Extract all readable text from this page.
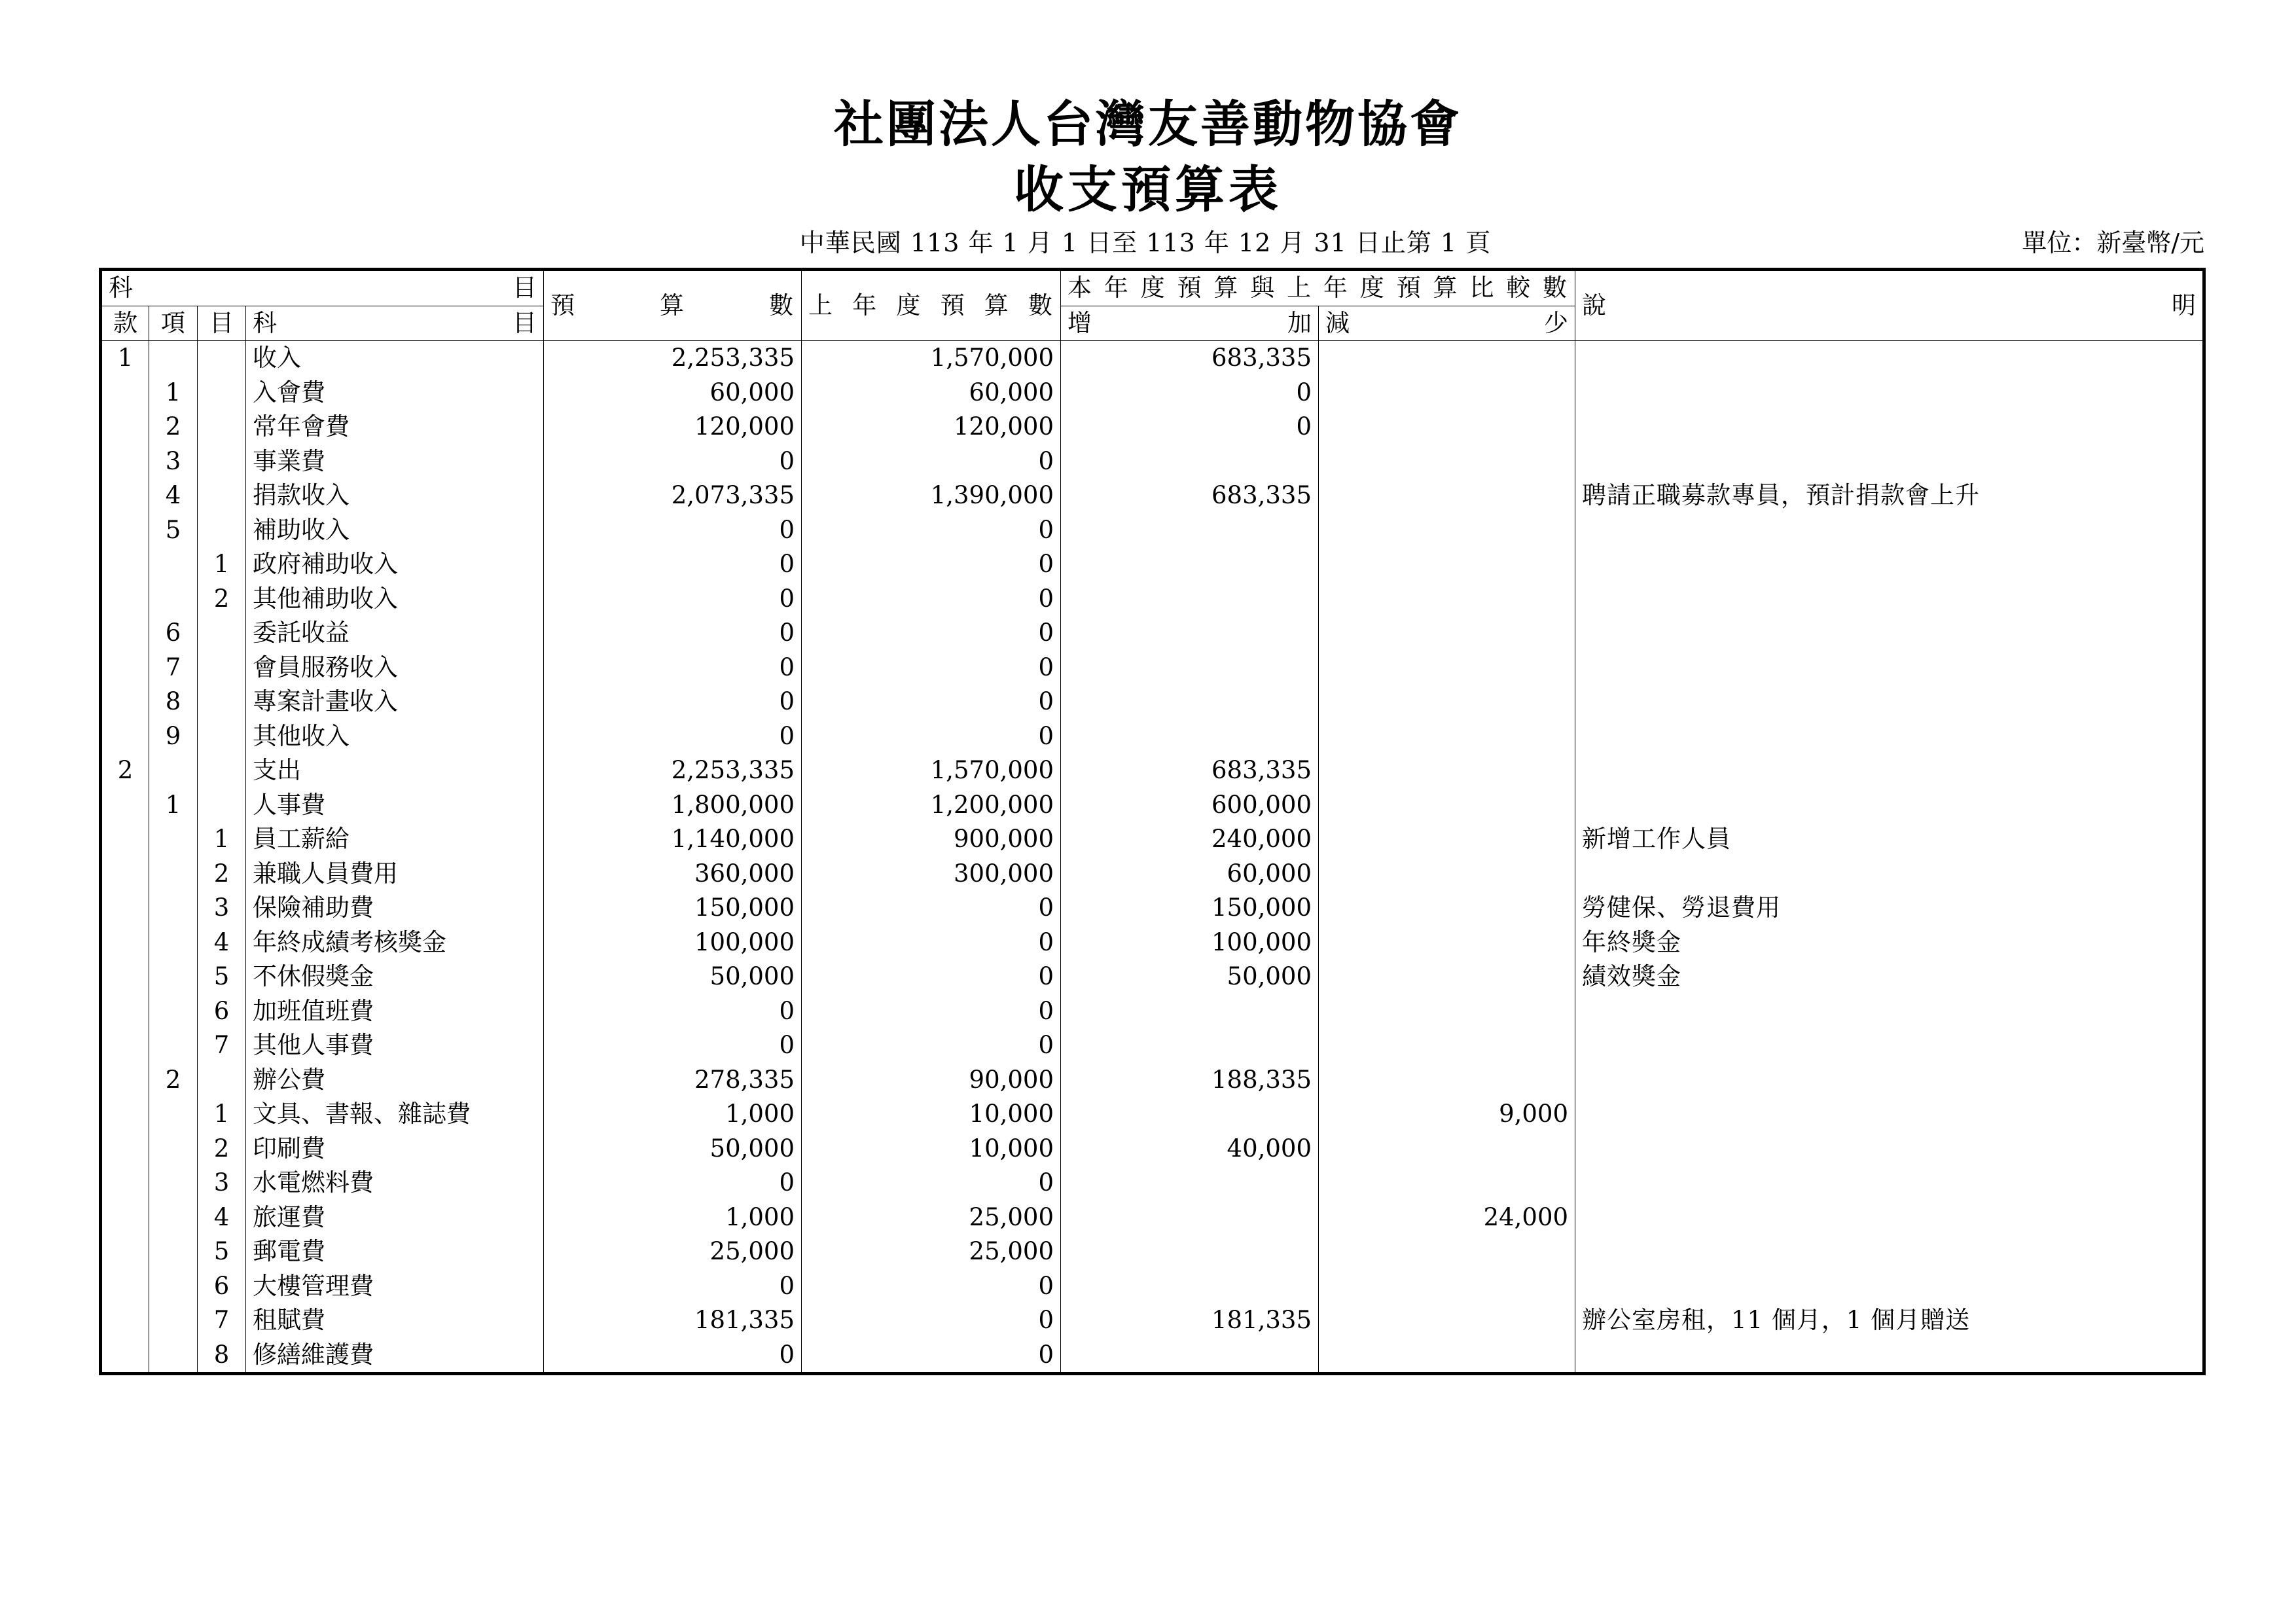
社團法人台灣友善動物協會
收支預算表
中華民國 113 年 1 月 1 日至 113 年 12 月 31 日止第 1 頁	單位：新臺幣/元
科 目				預　　算　　數	上 年 度 預 算 數	本 年 度 預 算 與 上 年 度 預 算 比 較 數		說 明

款	項	目	科 目			增 加	減 少	

1			收入	2,253,335	1,570,000	683,335		
	1		入會費	60,000	60,000	0		
	2		常年會費	120,000	120,000	0		
	3		事業費	0	0			
	4		捐款收入	2,073,335	1,390,000	683,335		聘請正職募款專員，預計捐款會上升
	5		補助收入	0	0			
		1	政府補助收入	0	0			
		2	其他補助收入	0	0			
	6		委託收益	0	0			
	7		會員服務收入	0	0			
	8		專案計畫收入	0	0			
	9		其他收入	0	0			
2			支出	2,253,335	1,570,000	683,335		
	1		人事費	1,800,000	1,200,000	600,000		
		1	員工薪給	1,140,000	900,000	240,000		新增工作人員
		2	兼職人員費用	360,000	300,000	60,000		
		3	保險補助費	150,000	0	150,000		勞健保、勞退費用
		4	年終成績考核獎金	100,000	0	100,000		年終獎金
		5	不休假獎金	50,000	0	50,000		績效獎金
		6	加班值班費	0	0			
		7	其他人事費	0	0			
	2		辦公費	278,335	90,000	188,335		
		1	文具、書報、雜誌費	1,000	10,000		9,000	
		2	印刷費	50,000	10,000	40,000		
		3	水電燃料費	0	0			
		4	旅運費	1,000	25,000		24,000	
		5	郵電費	25,000	25,000			
		6	大樓管理費	0	0			
		7	租賦費	181,335	0	181,335		辦公室房租，11 個月，1 個月贈送
		8	修繕維護費	0	0			
